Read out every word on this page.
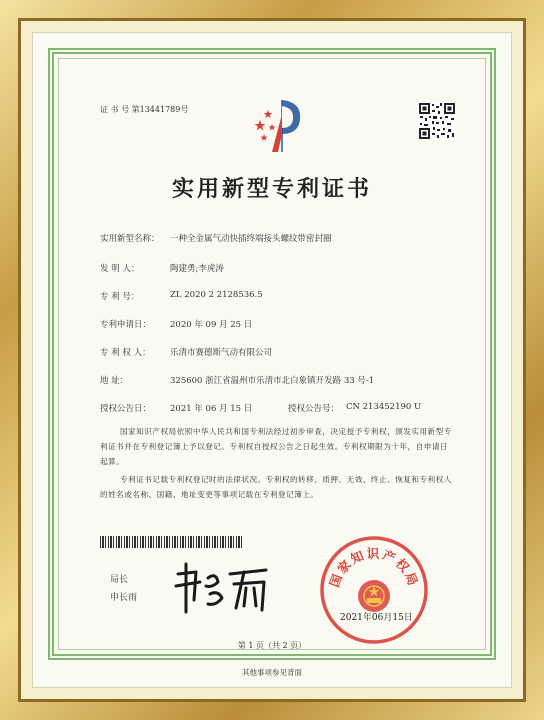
证 书 号 第13441789号
实用新型专利证书
实用新型名称： 一种全金属气动快插终端接头螺纹带密封圈
发 明 人：	陶建勇;李虎涛
专 利 号：	ZL 2020 2 2128536.5
专利申请日： 2020 年 09 月 25 日
专 利 权 人： 乐清市赛德斯气动有限公司
地 址：	325600 浙江省温州市乐清市北白象镇开发路 33 号-1
授权公告日： 2021 年 06 月 15 日	授权公告号： CN 213452190 U
国家知识产权局依照中华人民共和国专利法经过初步审查，决定授予专利权，颁发实用新型专利证书并在专利登记簿上予以登记。专利权自授权公告之日起生效。专利权期限为十年，自申请日起算。
专利证书记载专利权登记时的法律状况。专利权的转移、质押、无效、终止、恢复和专利权人的姓名或名称、国籍、地址变更等事项记载在专利登记簿上。
局长
申长雨
国家知识产权局
2021年06月15日
第 1 页（共 2 页）
其他事项参见背面
